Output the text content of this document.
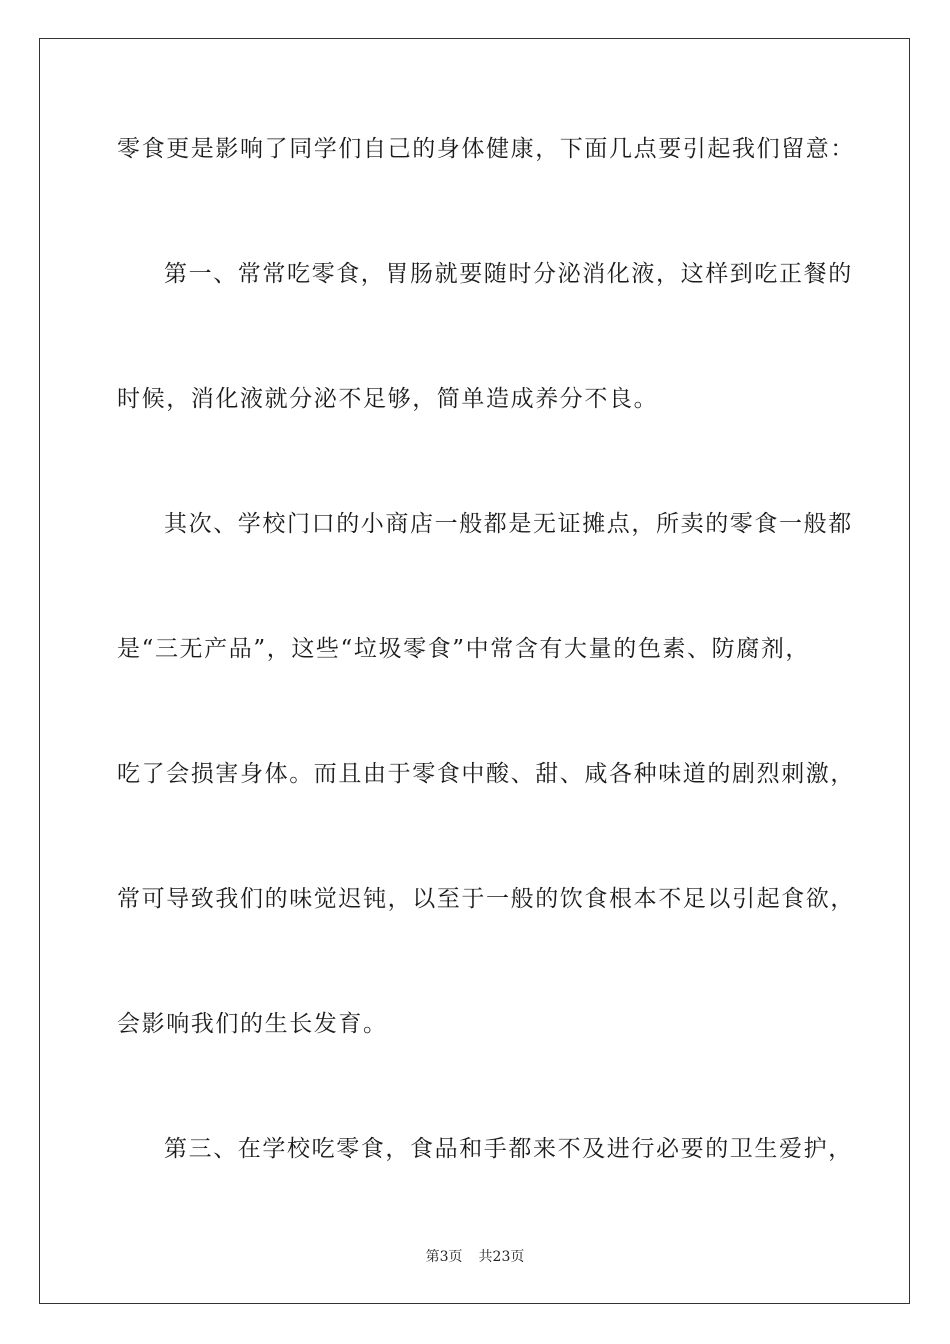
零食更是影响了同学们自己的身体健康，下面几点要引起我们留意：
第一、常常吃零食，胃肠就要随时分泌消化液，这样到吃正餐的
时候，消化液就分泌不足够，简单造成养分不良。
其次、学校门口的小商店一般都是无证摊点，所卖的零食一般都
是“三无产品”，这些“垃圾零食”中常含有大量的色素、防腐剂，
吃了会损害身体。而且由于零食中酸、甜、咸各种味道的剧烈刺激，
常可导致我们的味觉迟钝，以至于一般的饮食根本不足以引起食欲，
会影响我们的生长发育。
第三、在学校吃零食，食品和手都来不及进行必要的卫生爱护，
第3页 共23页
